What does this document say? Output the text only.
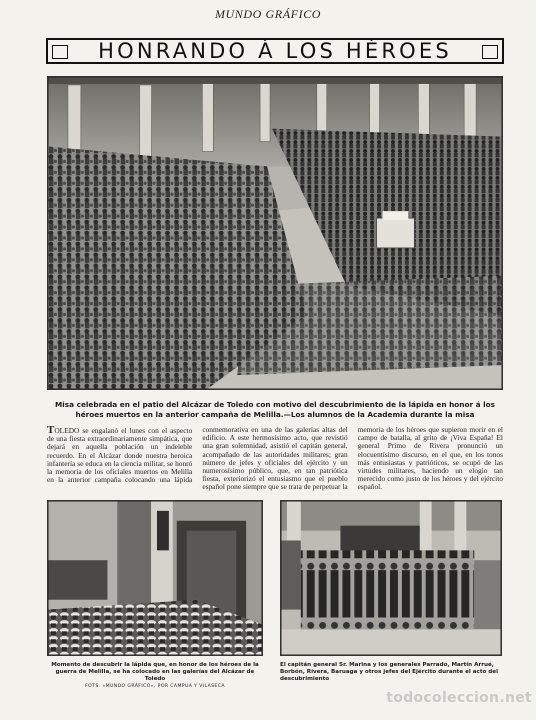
MUNDO GRÁFICO
HONRANDO Á LOS HÉROES
Misa celebrada en el patio del Alcázar de Toledo con motivo del descubrimiento de la lápida en honor á los héroes muertos en la anterior campaña de Melilla.—Los alumnos de la Academia durante la misa
TOLEDO se engalanó el lunes con el aspecto de una fiesta extraordinariamente simpática, que dejará en aquella población un indeleble recuerdo. En el Alcázar donde nuestra heroica infantería se educa en la ciencia militar, se honró la memoria de los oficiales muertos en Melilla en la anterior campaña colocando una lápida conmemorativa en una de las galerías altas del edificio. A este hermosísimo acto, que revistió una gran solemnidad, asistió el capitán general, acompañado de las autoridades militares; gran número de jefes y oficiales del ejército y un numerosísimo público, que, en tan patriótica fiesta, exteriorizó el entusiasmo que el pueblo español pone siempre que se trata de perpetuar la memoria de los héroes que supieron morir en el campo de batalla, al grito de ¡Viva España! El general Primo de Rivera pronunció un elocuentísimo discurso, en el que, en los tonos más entusiastas y patrióticos, se ocupó de las virtudes militares, haciendo un elogio tan merecido como justo de los héroes y del ejército español.
Momento de descubrir la lápida que, en honor de los héroes de la guerra de Melilla, se ha colocado en las galerías del Alcázar de Toledo
FOTS. «MUNDO GRÁFICO», POR CAMPUA Y VILASECA
El capitán general Sr. Marina y los generales Parrado, Martín Arrué, Borbón, Rivera, Baruaga y otros jefes del Ejército durante el acto del descubrimiento
todocoleccion.net
